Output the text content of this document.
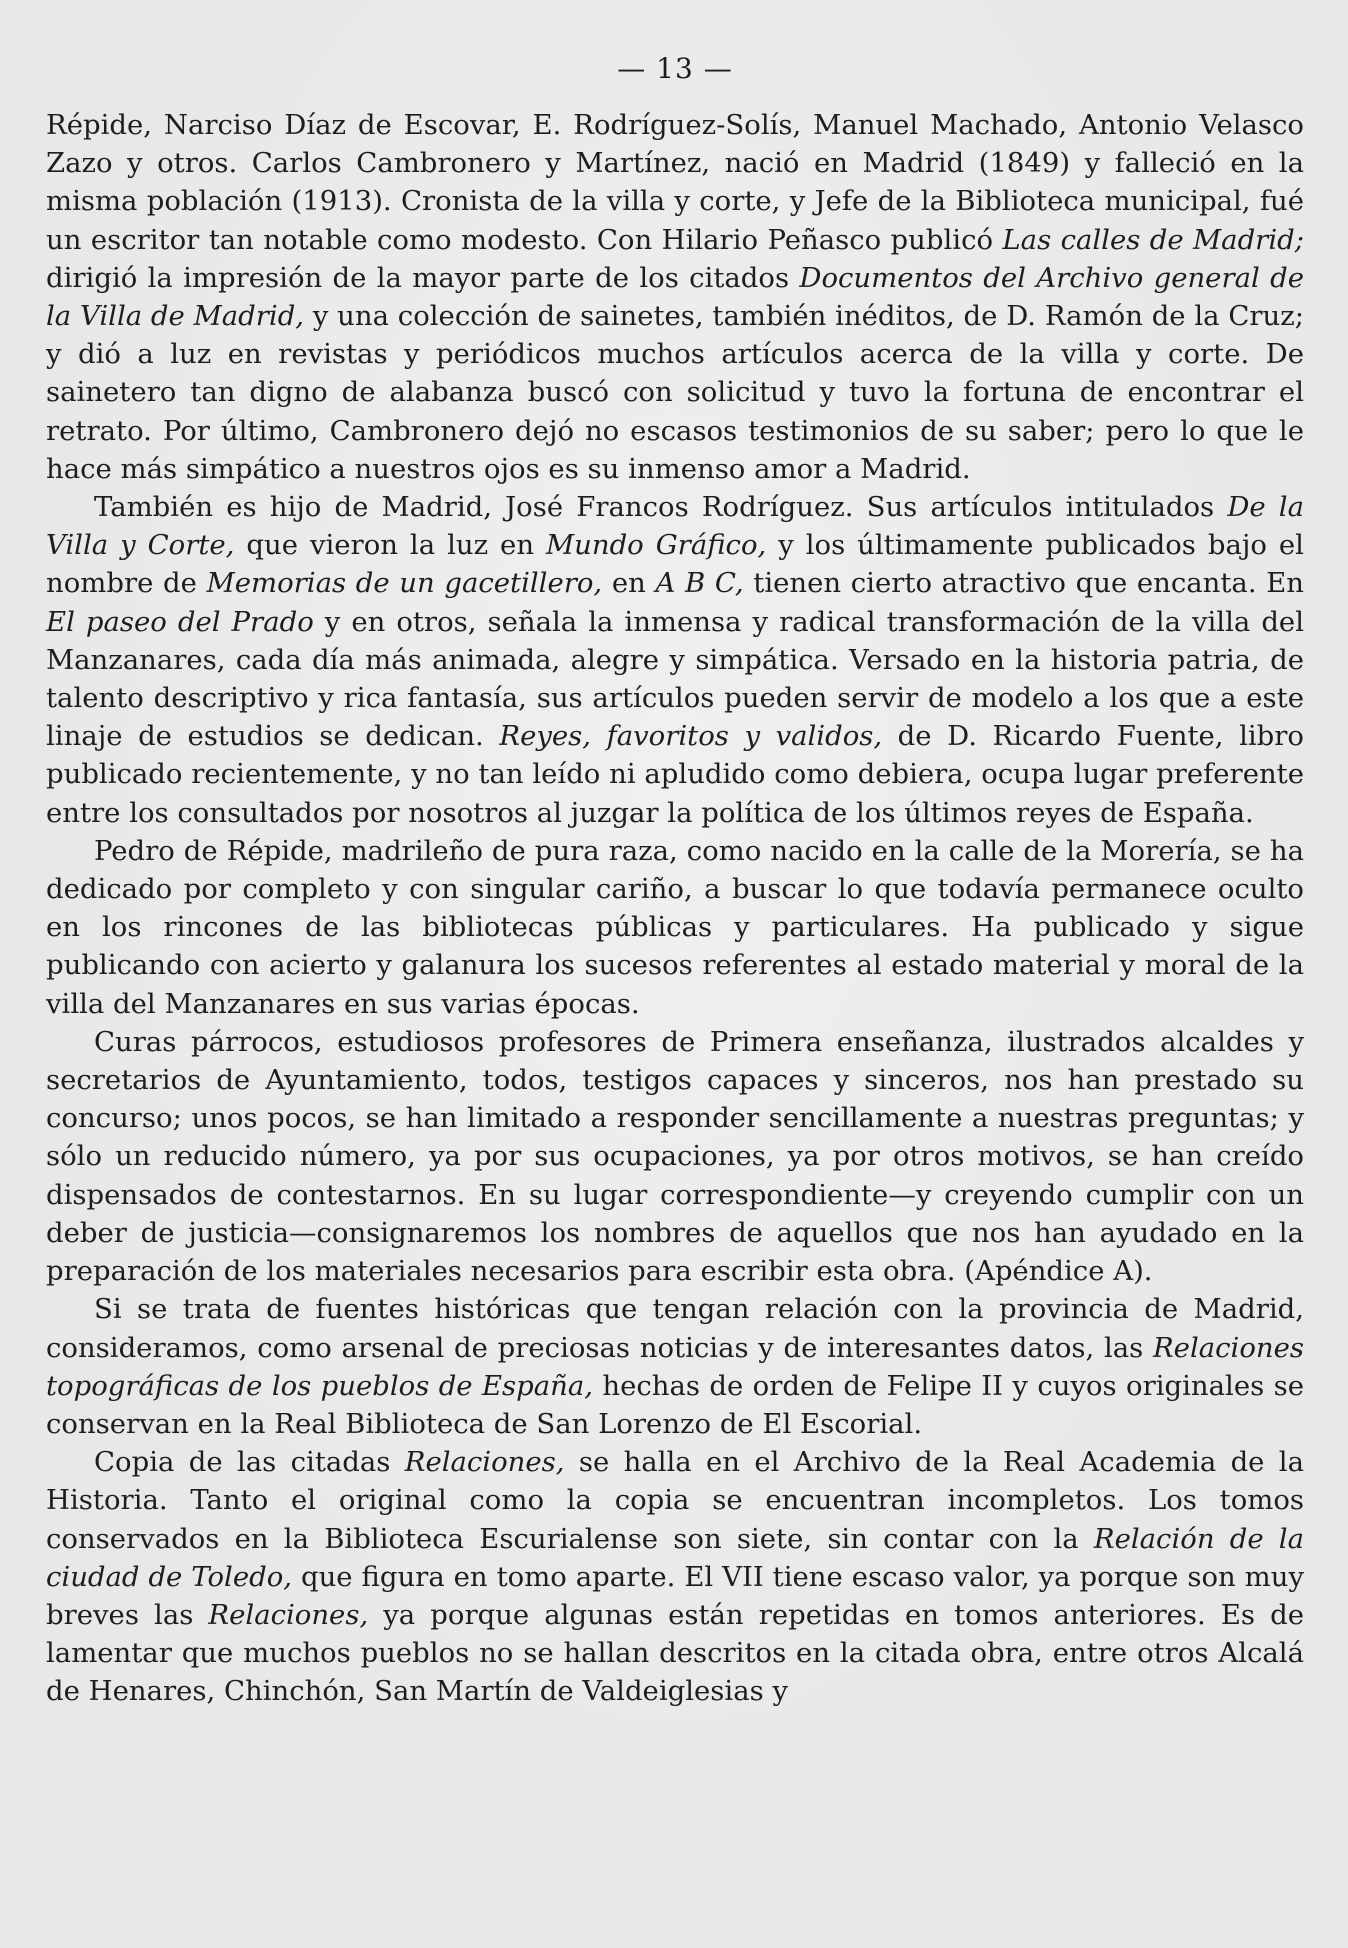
— 13 —

Répide, Narciso Díaz de Escovar, E. Rodríguez-Solís, Manuel Machado, Antonio Velasco Zazo y otros. Carlos Cambronero y Martínez, nació en Madrid (1849) y falleció en la misma población (1913). Cronista de la villa y corte, y Jefe de la Biblioteca municipal, fué un escritor tan notable como modesto. Con Hilario Peñasco publicó Las calles de Madrid; dirigió la impresión de la mayor parte de los citados Documentos del Archivo general de la Villa de Madrid, y una colección de sainetes, también inéditos, de D. Ramón de la Cruz; y dió a luz en revistas y periódicos muchos artículos acerca de la villa y corte. De sainetero tan digno de alabanza buscó con solicitud y tuvo la fortuna de encontrar el retrato. Por último, Cambronero dejó no escasos testimonios de su saber; pero lo que le hace más simpático a nuestros ojos es su inmenso amor a Madrid.

También es hijo de Madrid, José Francos Rodríguez. Sus artículos intitulados De la Villa y Corte, que vieron la luz en Mundo Gráfico, y los últimamente publicados bajo el nombre de Memorias de un gacetillero, en A B C, tienen cierto atractivo que encanta. En El paseo del Prado y en otros, señala la inmensa y radical transformación de la villa del Manzanares, cada día más animada, alegre y simpática. Versado en la historia patria, de talento descriptivo y rica fantasía, sus artículos pueden servir de modelo a los que a este linaje de estudios se dedican. Reyes, favoritos y validos, de D. Ricardo Fuente, libro publicado recientemente, y no tan leído ni apludido como debiera, ocupa lugar preferente entre los consultados por nosotros al juzgar la política de los últimos reyes de España.

Pedro de Répide, madrileño de pura raza, como nacido en la calle de la Morería, se ha dedicado por completo y con singular cariño, a buscar lo que todavía permanece oculto en los rincones de las bibliotecas públicas y particulares. Ha publicado y sigue publicando con acierto y galanura los sucesos referentes al estado material y moral de la villa del Manzanares en sus varias épocas.

Curas párrocos, estudiosos profesores de Primera enseñanza, ilustrados alcaldes y secretarios de Ayuntamiento, todos, testigos capaces y sinceros, nos han prestado su concurso; unos pocos, se han limitado a responder sencillamente a nuestras preguntas; y sólo un reducido número, ya por sus ocupaciones, ya por otros motivos, se han creído dispensados de contestarnos. En su lugar correspondiente—y creyendo cumplir con un deber de justicia—consignaremos los nombres de aquellos que nos han ayudado en la preparación de los materiales necesarios para escribir esta obra. (Apéndice A).

Si se trata de fuentes históricas que tengan relación con la provincia de Madrid, consideramos, como arsenal de preciosas noticias y de interesantes datos, las Relaciones topográficas de los pueblos de España, hechas de orden de Felipe II y cuyos originales se conservan en la Real Biblioteca de San Lorenzo de El Escorial.

Copia de las citadas Relaciones, se halla en el Archivo de la Real Academia de la Historia. Tanto el original como la copia se encuentran incompletos. Los tomos conservados en la Biblioteca Escurialense son siete, sin contar con la Relación de la ciudad de Toledo, que figura en tomo aparte. El VII tiene escaso valor, ya porque son muy breves las Relaciones, ya porque algunas están repetidas en tomos anteriores. Es de lamentar que muchos pueblos no se hallan descritos en la citada obra, entre otros Alcalá de Henares, Chinchón, San Martín de Valdeiglesias y
